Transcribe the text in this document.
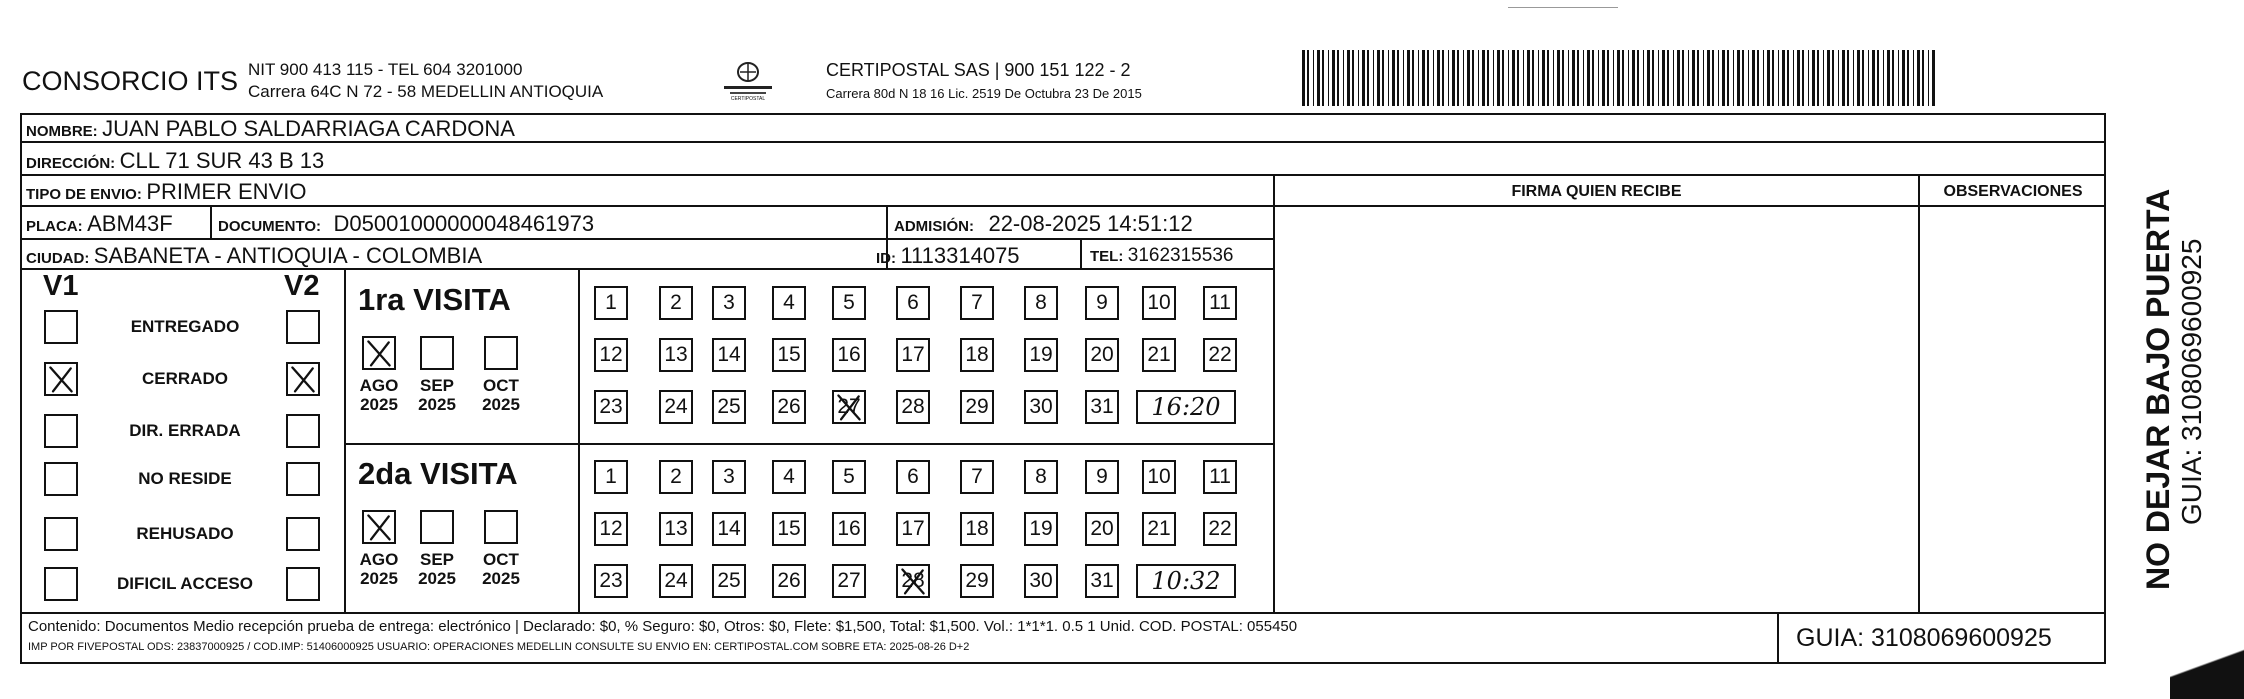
CONSORCIO ITS NIT 900 413 115 - TEL 604 3201000
Carrera 64C N 72 - 58 MEDELLIN ANTIOQUIA	CERTIPOSTAL
CERTIPOSTAL SAS | 900 151 122 - 2
Carrera 80d N 18 16 Lic. 2519 De Octubra 23 De 2015
NOMBRE: JUAN PABLO SALDARRIAGA CARDONA
DIRECCIÓN: CLL 71 SUR 43 B 13
TIPO DE ENVIO: PRIMER ENVIO
PLACA: ABM43F	DOCUMENTO: D05001000000048461973	ADMISIÓN: 22-08-2025 14:51:12
CIUDAD: SABANETA - ANTIOQUIA - COLOMBIA	ID: 1113314075	TEL: 3162315536
FIRMA QUIEN RECIBE	OBSERVACIONES
V1	V2
ENTREGADO
CERRADO
DIR. ERRADA
NO RESIDE
REHUSADO
DIFICIL ACCESO
1ra VISITA
AGO
2025
SEP
2025
OCT
2025
1	2	3	4	5	6	7	8	9	10 11
12 13 14 15 16 17 18 19 20 21 22
23 24 25 26 27 28 29 30 31	16:20
2da VISITA
AGO
2025
SEP
2025
OCT
2025
1	2	3	4	5	6	7	8	9	10 11
12 13 14 15 16 17 18 19 20 21 22
23 24 25 26 27 28 29 30 31	10:32
Contenido: Documentos Medio recepción prueba de entrega: electrónico | Declarado: $0, % Seguro: $0, Otros: $0, Flete: $1,500, Total: $1,500. Vol.: 1*1*1. 0.5 1 Unid. COD. POSTAL: 055450
IMP POR FIVEPOSTAL ODS: 23837000925 / COD.IMP: 51406000925 USUARIO: OPERACIONES MEDELLIN CONSULTE SU ENVIO EN: CERTIPOSTAL.COM SOBRE ETA: 2025-08-26 D+2	GUIA: 3108069600925
NO DEJAR BAJO PUERTA GUIA: 3108069600925
